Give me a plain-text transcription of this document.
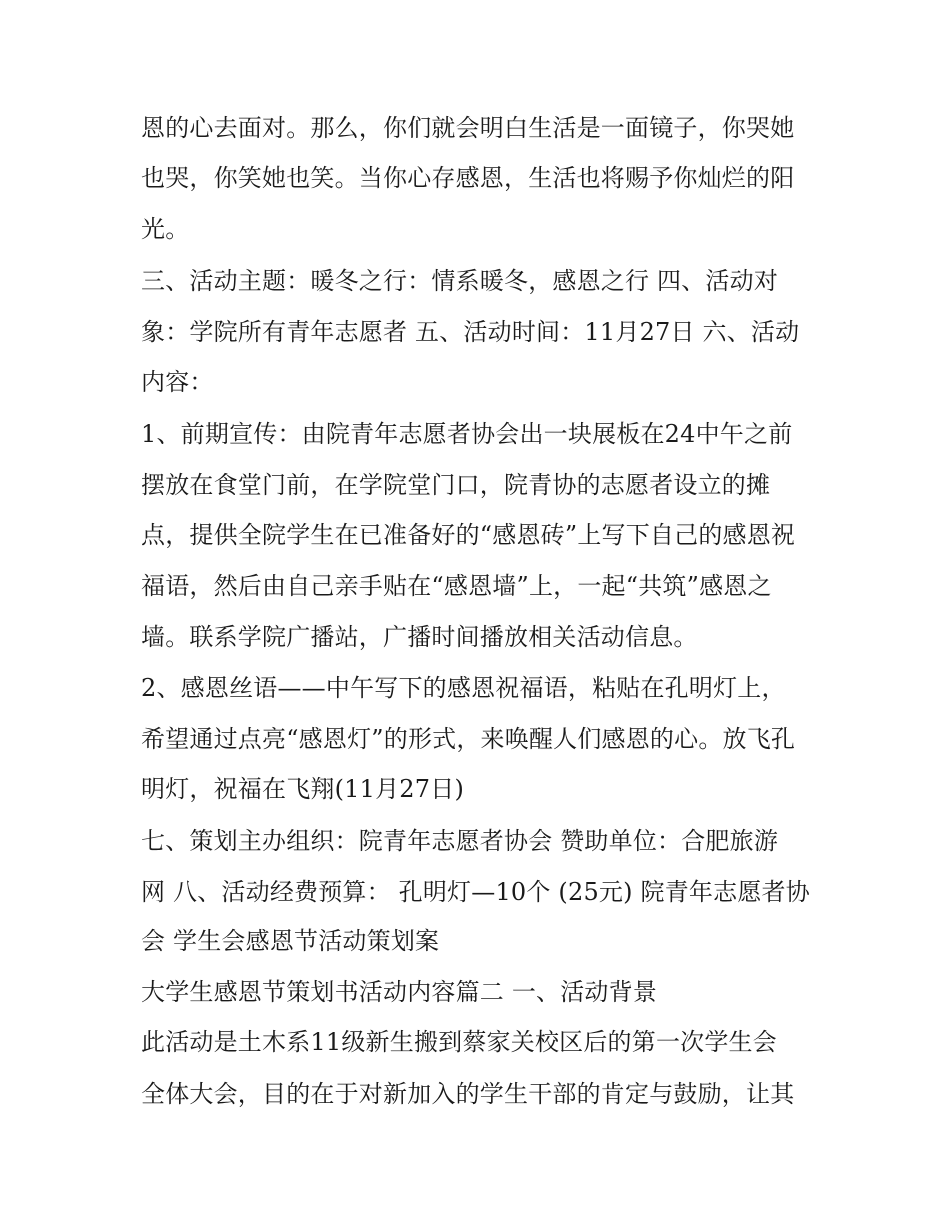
恩的心去面对。那么，你们就会明白生活是一面镜子，你哭她
也哭，你笑她也笑。当你心存感恩，生活也将赐予你灿烂的阳
光。
三、活动主题：暖冬之行：情系暖冬，感恩之行 四、活动对
象：学院所有青年志愿者 五、活动时间：11月27日 六、活动
内容：
1、前期宣传：由院青年志愿者协会出一块展板在24中午之前
摆放在食堂门前，在学院堂门口，院青协的志愿者设立的摊
点，提供全院学生在已准备好的“感恩砖”上写下自己的感恩祝
福语，然后由自己亲手贴在“感恩墙”上，一起“共筑”感恩之
墙。联系学院广播站，广播时间播放相关活动信息。
2、感恩丝语——中午写下的感恩祝福语，粘贴在孔明灯上，
希望通过点亮“感恩灯”的形式，来唤醒人们感恩的心。放飞孔
明灯，祝福在飞翔(11月27日)
七、策划主办组织：院青年志愿者协会 赞助单位：合肥旅游
网 八、活动经费预算： 孔明灯—10个 (25元) 院青年志愿者协
会 学生会感恩节活动策划案
大学生感恩节策划书活动内容篇二 一、活动背景
此活动是土木系11级新生搬到蔡家关校区后的第一次学生会
全体大会，目的在于对新加入的学生干部的肯定与鼓励，让其
